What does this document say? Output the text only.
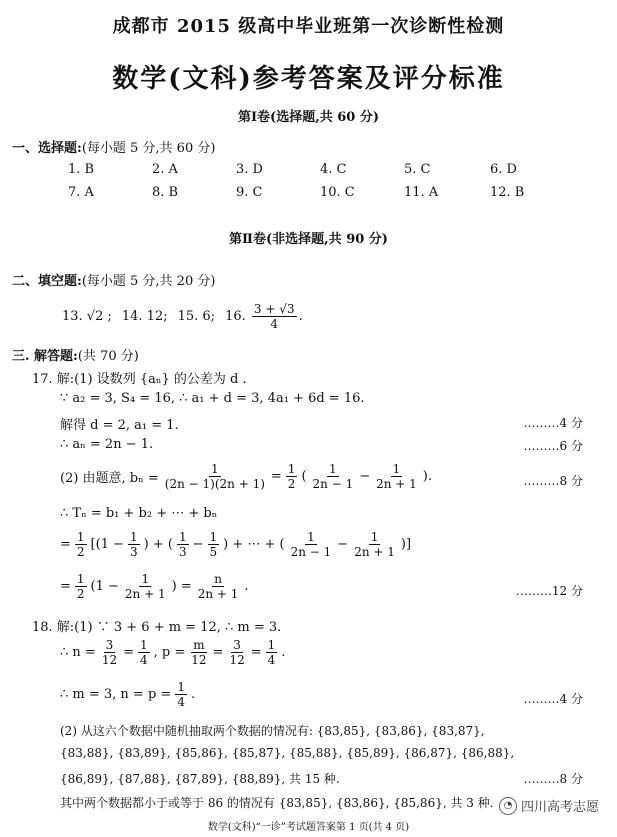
成都市 2015 级高中毕业班第一次诊断性检测
数学(文科)参考答案及评分标准
第Ⅰ卷(选择题,共 60 分)
一、选择题:(每小题 5 分,共 60 分)
1. B	2. A	3. D	4. C	5. C	6. D
7. A	8. B	9. C	10. C	11. A	12. B
第Ⅱ卷(非选择题,共 90 分)
二、填空题:(每小题 5 分,共 20 分)
13. √2 ; 14. 12; 15. 6; 16. $\frac{3 + √3}{4}$ .
三. 解答题:(共 70 分)
17. 解:(1) 设数列 {aₙ} 的公差为 d .
∵ a₂ = 3, S₄ = 16, ∴ a₁ + d = 3, 4a₁ + 6d = 16.
解得 d = 2, a₁ = 1.	………4 分
∴ aₙ = 2n − 1.	………6 分
(2) 由题意, $b_n = \frac{1}{(2n - 1)(2n + 1)} = \frac{1}{2}$ ( $\frac{1}{2n - 1} - \frac{1}{2n + 1}$ ).	………8 分
∴ Tₙ = b₁ + b₂ + ⋯ + bₙ
= $\frac{1}{2} [(1 - \frac{1}{3}$ ) + ( $\frac{1}{3} - \frac{1}{5}$ ) + ⋯ + ( $\frac{1}{2n - 1} - \frac{1}{2n + 1}$ )]
= $\frac{1}{2} (1 - \frac{1}{2n + 1}$ ) = $\frac{n}{2n + 1}$ .	………12 分
18. 解:(1) ∵ 3 + 6 + m = 12, ∴ m = 3.
∴ $n = \frac{3}{12} = \frac{1}{4}$ , $p = \frac{m}{12} = \frac{3}{12} = \frac{1}{4}$ .
∴ m = 3, $n = p = \frac{1}{4}$ .	………4 分
(2) 从这六个数据中随机抽取两个数据的情况有: {83,85}, {83,86}, {83,87},
{83,88}, {83,89}, {85,86}, {85,87}, {85,88}, {85,89}, {86,87}, {86,88},
{86,89}, {87,88}, {87,89}, {88,89}, 共 15 种.	………8 分
其中两个数据都小于或等于 86 的情况有 {83,85}, {83,86}, {85,86}, 共 3 种.	◔ 四川高考志愿
数学(文科)“一诊”考试题答案第 1 页(共 4 页)
